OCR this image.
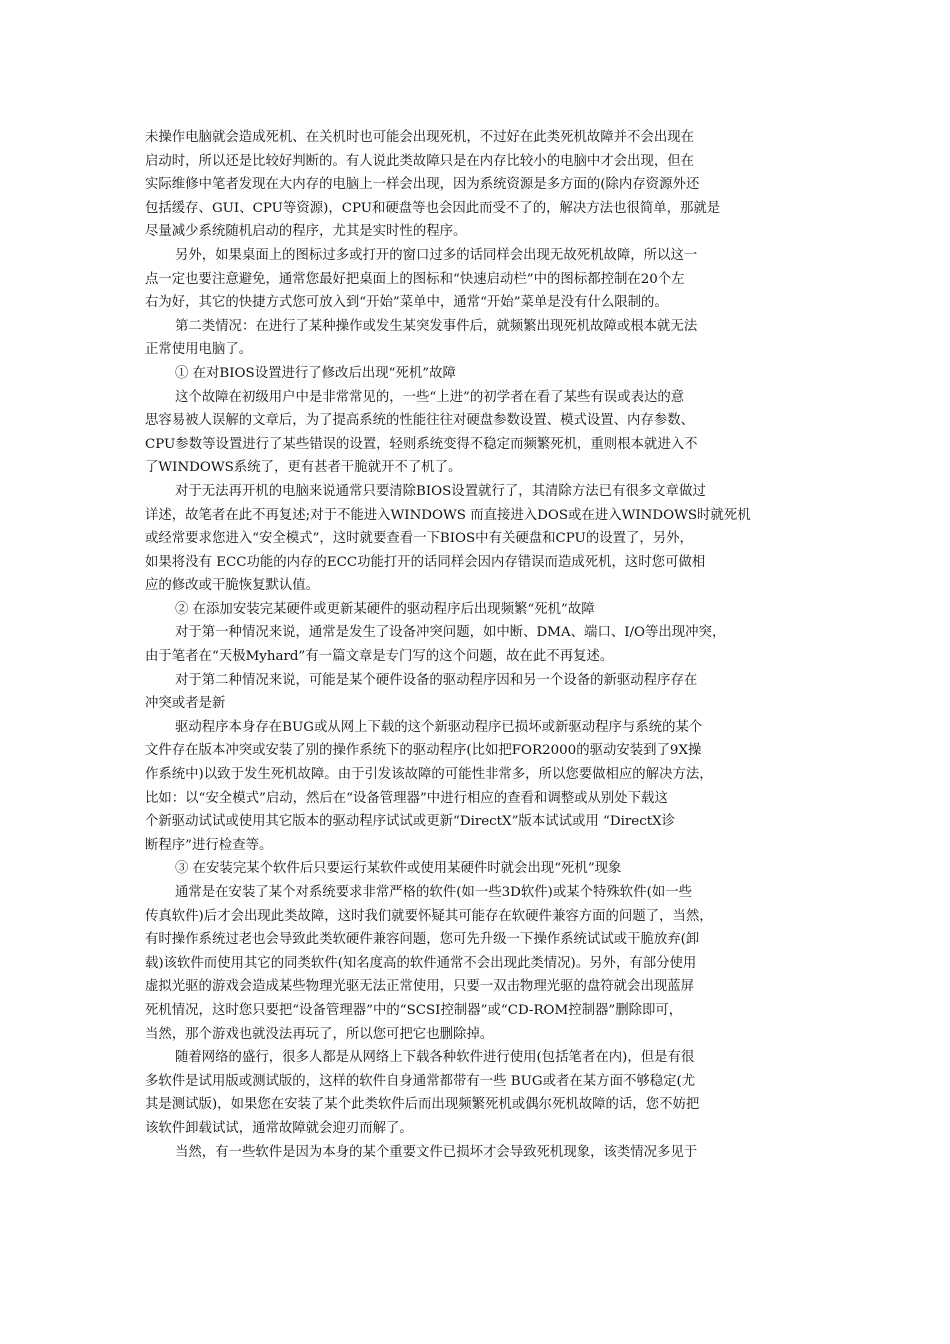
未操作电脑就会造成死机、在关机时也可能会出现死机，不过好在此类死机故障并不会出现在

启动时，所以还是比较好判断的。有人说此类故障只是在内存比较小的电脑中才会出现，但在

实际维修中笔者发现在大内存的电脑上一样会出现，因为系统资源是多方面的(除内存资源外还

包括缓存、GUI、CPU等资源)，CPU和硬盘等也会因此而受不了的，解决方法也很简单，那就是

尽量减少系统随机启动的程序，尤其是实时性的程序。

另外，如果桌面上的图标过多或打开的窗口过多的话同样会出现无故死机故障，所以这一

点一定也要注意避免，通常您最好把桌面上的图标和“快速启动栏”中的图标都控制在20个左

右为好，其它的快捷方式您可放入到“开始”菜单中，通常“开始”菜单是没有什么限制的。

第二类情况：在进行了某种操作或发生某突发事件后，就频繁出现死机故障或根本就无法

正常使用电脑了。

① 在对BIOS设置进行了修改后出现“死机”故障

这个故障在初级用户中是非常常见的，一些“上进”的初学者在看了某些有误或表达的意

思容易被人误解的文章后，为了提高系统的性能往往对硬盘参数设置、模式设置、内存参数、

CPU参数等设置进行了某些错误的设置，轻则系统变得不稳定而频繁死机，重则根本就进入不

了WINDOWS系统了，更有甚者干脆就开不了机了。

对于无法再开机的电脑来说通常只要清除BIOS设置就行了，其清除方法已有很多文章做过

详述，故笔者在此不再复述;对于不能进入WINDOWS 而直接进入DOS或在进入WINDOWS时就死机

或经常要求您进入“安全模式”，这时就要查看一下BIOS中有关硬盘和CPU的设置了，另外，

如果将没有 ECC功能的内存的ECC功能打开的话同样会因内存错误而造成死机，这时您可做相

应的修改或干脆恢复默认值。

② 在添加安装完某硬件或更新某硬件的驱动程序后出现频繁“死机”故障

对于第一种情况来说，通常是发生了设备冲突问题，如中断、DMA、端口、I/O等出现冲突，

由于笔者在“天极Myhard”有一篇文章是专门写的这个问题，故在此不再复述。

对于第二种情况来说，可能是某个硬件设备的驱动程序因和另一个设备的新驱动程序存在

冲突或者是新

驱动程序本身存在BUG或从网上下载的这个新驱动程序已损坏或新驱动程序与系统的某个

文件存在版本冲突或安装了别的操作系统下的驱动程序(比如把FOR2000的驱动安装到了9X操

作系统中)以致于发生死机故障。由于引发该故障的可能性非常多，所以您要做相应的解决方法，

比如：以“安全模式”启动，然后在“设备管理器”中进行相应的查看和调整或从别处下载这

个新驱动试试或使用其它版本的驱动程序试试或更新“DirectX”版本试试或用 “DirectX诊

断程序”进行检查等。

③ 在安装完某个软件后只要运行某软件或使用某硬件时就会出现“死机”现象

通常是在安装了某个对系统要求非常严格的软件(如一些3D软件)或某个特殊软件(如一些

传真软件)后才会出现此类故障，这时我们就要怀疑其可能存在软硬件兼容方面的问题了，当然，

有时操作系统过老也会导致此类软硬件兼容问题，您可先升级一下操作系统试试或干脆放弃(卸

载)该软件而使用其它的同类软件(知名度高的软件通常不会出现此类情况)。另外，有部分使用

虚拟光驱的游戏会造成某些物理光驱无法正常使用，只要一双击物理光驱的盘符就会出现蓝屏

死机情况，这时您只要把“设备管理器”中的“SCSI控制器”或“CD-ROM控制器”删除即可，

当然，那个游戏也就没法再玩了，所以您可把它也删除掉。

随着网络的盛行，很多人都是从网络上下载各种软件进行使用(包括笔者在内)，但是有很

多软件是试用版或测试版的，这样的软件自身通常都带有一些 BUG或者在某方面不够稳定(尤

其是测试版)，如果您在安装了某个此类软件后而出现频繁死机或偶尔死机故障的话，您不妨把

该软件卸载试试，通常故障就会迎刃而解了。

当然，有一些软件是因为本身的某个重要文件已损坏才会导致死机现象，该类情况多见于
